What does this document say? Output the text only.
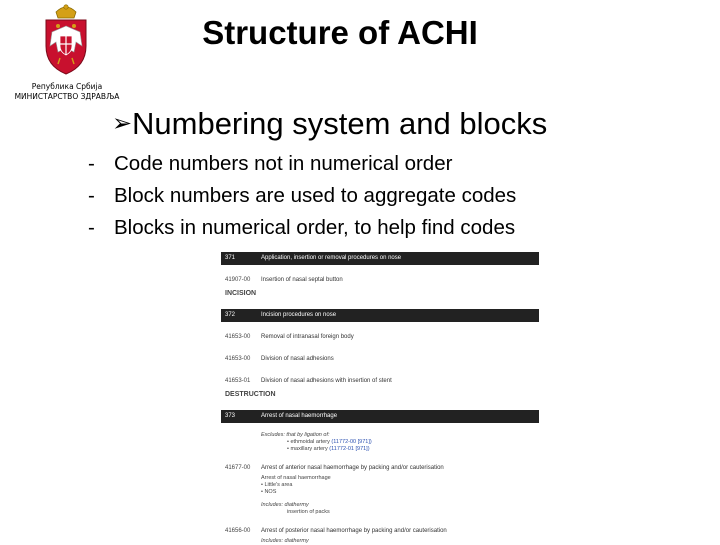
Република Србија
МИНИСТАРСТВО ЗДРАВЉА
Structure of ACHI
➢Numbering system and blocks
- Code numbers not in numerical order
- Block numbers are used to aggregate codes
- Blocks in numerical order, to help find codes
371	Application, insertion or removal procedures on nose
41907-00 Insertion of nasal septal button
INCISION
372	Incision procedures on nose
41653-00 Removal of intranasal foreign body
41653-00 Division of nasal adhesions
41653-01 Division of nasal adhesions with insertion of stent
DESTRUCTION
373	Arrest of nasal haemorrhage
Excludes: that by ligation of:
• ethmoidal artery (11772-00 [971])
• maxillary artery (11772-01 [971])
41677-00 Arrest of anterior nasal haemorrhage by packing and/or cauterisation
Arrest of nasal haemorrhage
• Little's area
• NOS
Includes: diathermy
insertion of packs
41656-00 Arrest of posterior nasal haemorrhage by packing and/or cauterisation
Includes: diathermy
